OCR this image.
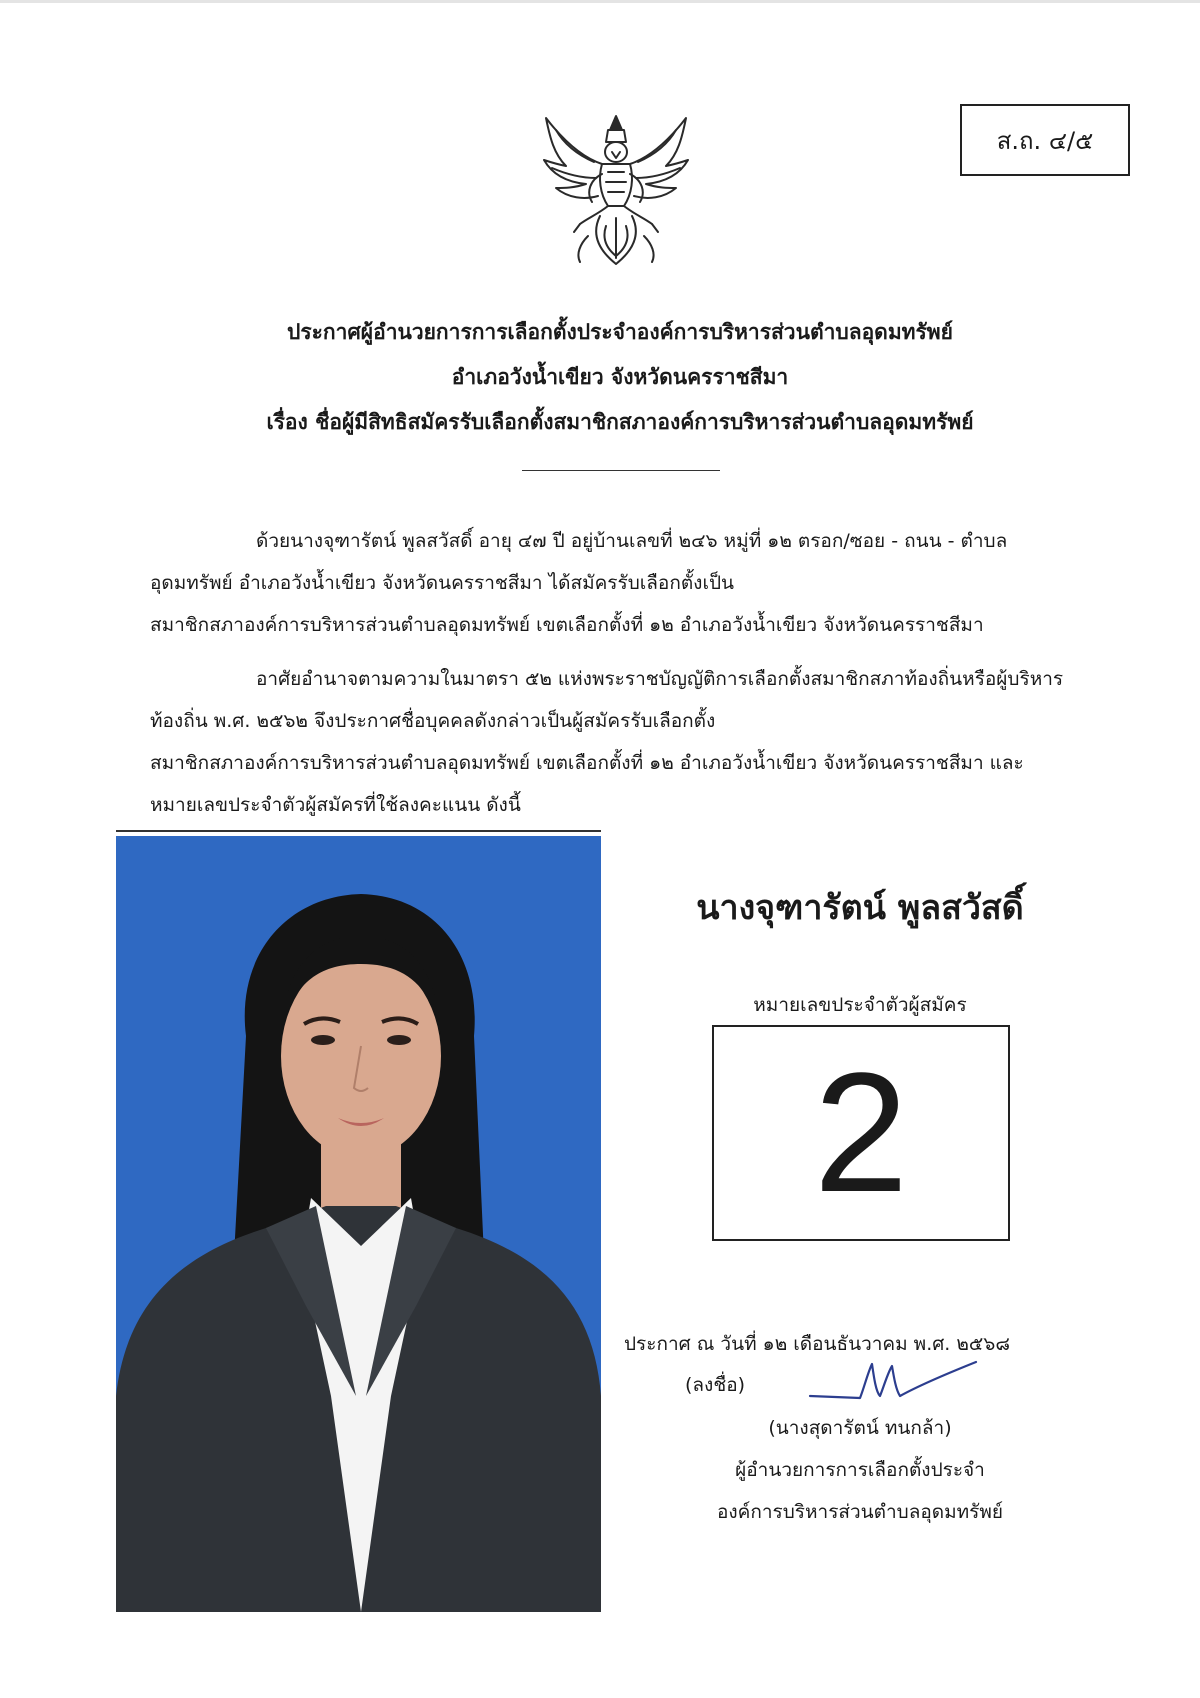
ส.ถ. ๔/๕
ประกาศผู้อำนวยการการเลือกตั้งประจำองค์การบริหารส่วนตำบลอุดมทรัพย์
อำเภอวังน้ำเขียว จังหวัดนครราชสีมา
เรื่อง ชื่อผู้มีสิทธิสมัครรับเลือกตั้งสมาชิกสภาองค์การบริหารส่วนตำบลอุดมทรัพย์

ด้วยนางจุฑารัตน์ พูลสวัสดิ์ อายุ ๔๗ ปี อยู่บ้านเลขที่ ๒๔๖ หมู่ที่ ๑๒ ตรอก/ซอย - ถนน - ตำบล
อุดมทรัพย์ อำเภอวังน้ำเขียว จังหวัดนครราชสีมา ได้สมัครรับเลือกตั้งเป็น
สมาชิกสภาองค์การบริหารส่วนตำบลอุดมทรัพย์ เขตเลือกตั้งที่ ๑๒ อำเภอวังน้ำเขียว จังหวัดนครราชสีมา

อาศัยอำนาจตามความในมาตรา ๕๒ แห่งพระราชบัญญัติการเลือกตั้งสมาชิกสภาท้องถิ่นหรือผู้บริหาร
ท้องถิ่น พ.ศ. ๒๕๖๒ จึงประกาศชื่อบุคคลดังกล่าวเป็นผู้สมัครรับเลือกตั้ง
สมาชิกสภาองค์การบริหารส่วนตำบลอุดมทรัพย์ เขตเลือกตั้งที่ ๑๒ อำเภอวังน้ำเขียว จังหวัดนครราชสีมา และ
หมายเลขประจำตัวผู้สมัครที่ใช้ลงคะแนน ดังนี้

นางจุฑารัตน์ พูลสวัสดิ์
หมายเลขประจำตัวผู้สมัคร
2
ประกาศ ณ วันที่ ๑๒ เดือนธันวาคม พ.ศ. ๒๕๖๘
(ลงชื่อ)
(นางสุดารัตน์ ทนกล้า)
ผู้อำนวยการการเลือกตั้งประจำ
องค์การบริหารส่วนตำบลอุดมทรัพย์
